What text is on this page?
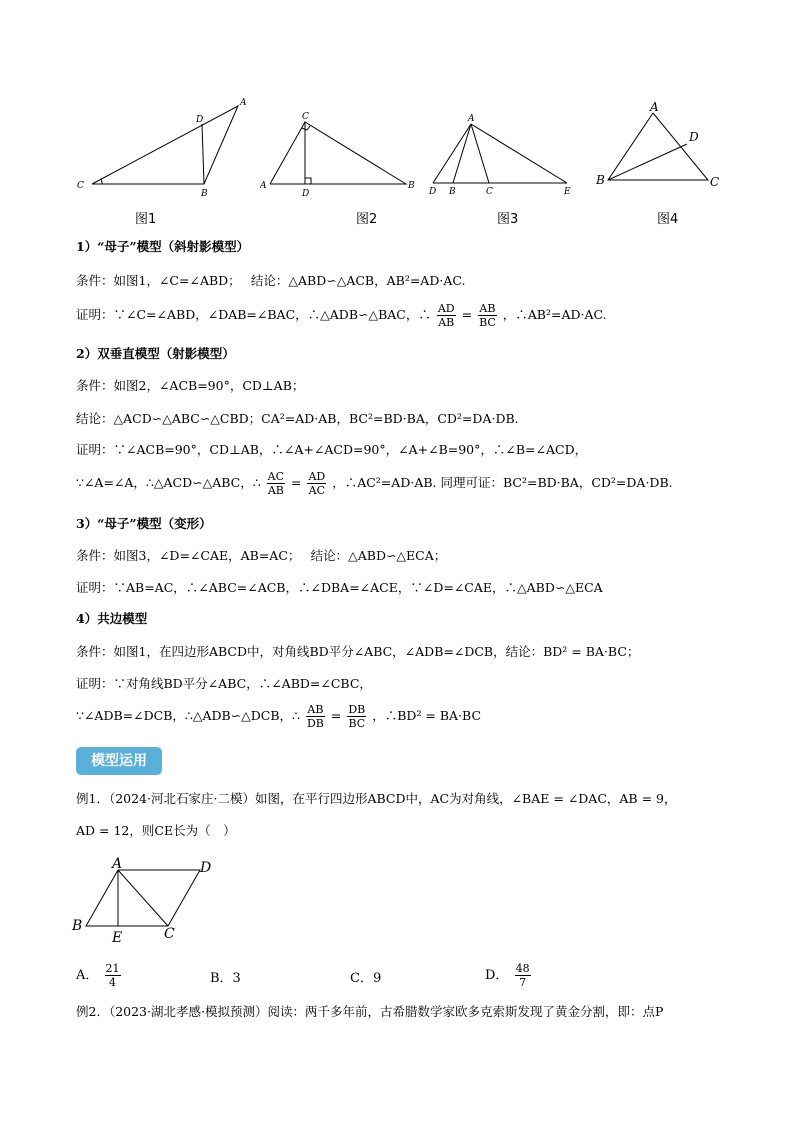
A
D
C
B
C
A
D
B
A
D B	C	E
A
D
B	C
图1	图2	图3	图4
1）“母子”模型（斜射影模型）
条件：如图1，∠C=∠ABD；　 结论：△ABD∽△ACB，AB²=AD·AC.
证明：∵∠C=∠ABD，∠DAB=∠BAC，∴△ADB∽△BAC，∴ $\frac{AD}{AB} = \frac{AB}{BC}$ ，∴AB²=AD·AC.
2）双垂直模型（射影模型）
条件：如图2，∠ACB=90°，CD⊥AB；
结论：△ACD∽△ABC∽△CBD；CA²=AD·AB，BC²=BD·BA，CD²=DA·DB.
证明：∵∠ACB=90°，CD⊥AB，∴∠A+∠ACD=90°，∠A+∠B=90°，∴∠B=∠ACD，
∵∠A=∠A，∴△ACD∽△ABC，∴ $\frac{AC}{AB} = \frac{AD}{AC}$ ，∴AC²=AD·AB. 同理可证：BC²=BD·BA，CD²=DA·DB.
3）“母子”模型（变形）
条件：如图3，∠D=∠CAE，AB=AC；　 结论：△ABD∽△ECA；
证明：∵AB=AC，∴∠ABC=∠ACB，∴∠DBA=∠ACE，∵∠D=∠CAE，∴△ABD∽△ECA
4）共边模型
条件：如图1，在四边形ABCD中，对角线BD平分∠ABC，∠ADB=∠DCB，结论：BD² = BA·BC；
证明：∵对角线BD平分∠ABC，∴∠ABD=∠CBC，
∵∠ADB=∠DCB，∴△ADB∽△DCB，∴ $\frac{AB}{DB} = \frac{DB}{BC}$ ，∴BD² = BA·BC
模型运用
例1．（2024·河北石家庄·二模）如图，在平行四边形ABCD中，AC为对角线，∠BAE = ∠DAC，AB = 9，
AD = 12，则CE长为（　）
A	D
B
E	C
A． $\frac{21}{4}$	B．3	C．9	D． $\frac{48}{7}$
例2．（2023·湖北孝感·模拟预测）阅读：两千多年前，古希腊数学家欧多克索斯发现了黄金分割，即：点P
